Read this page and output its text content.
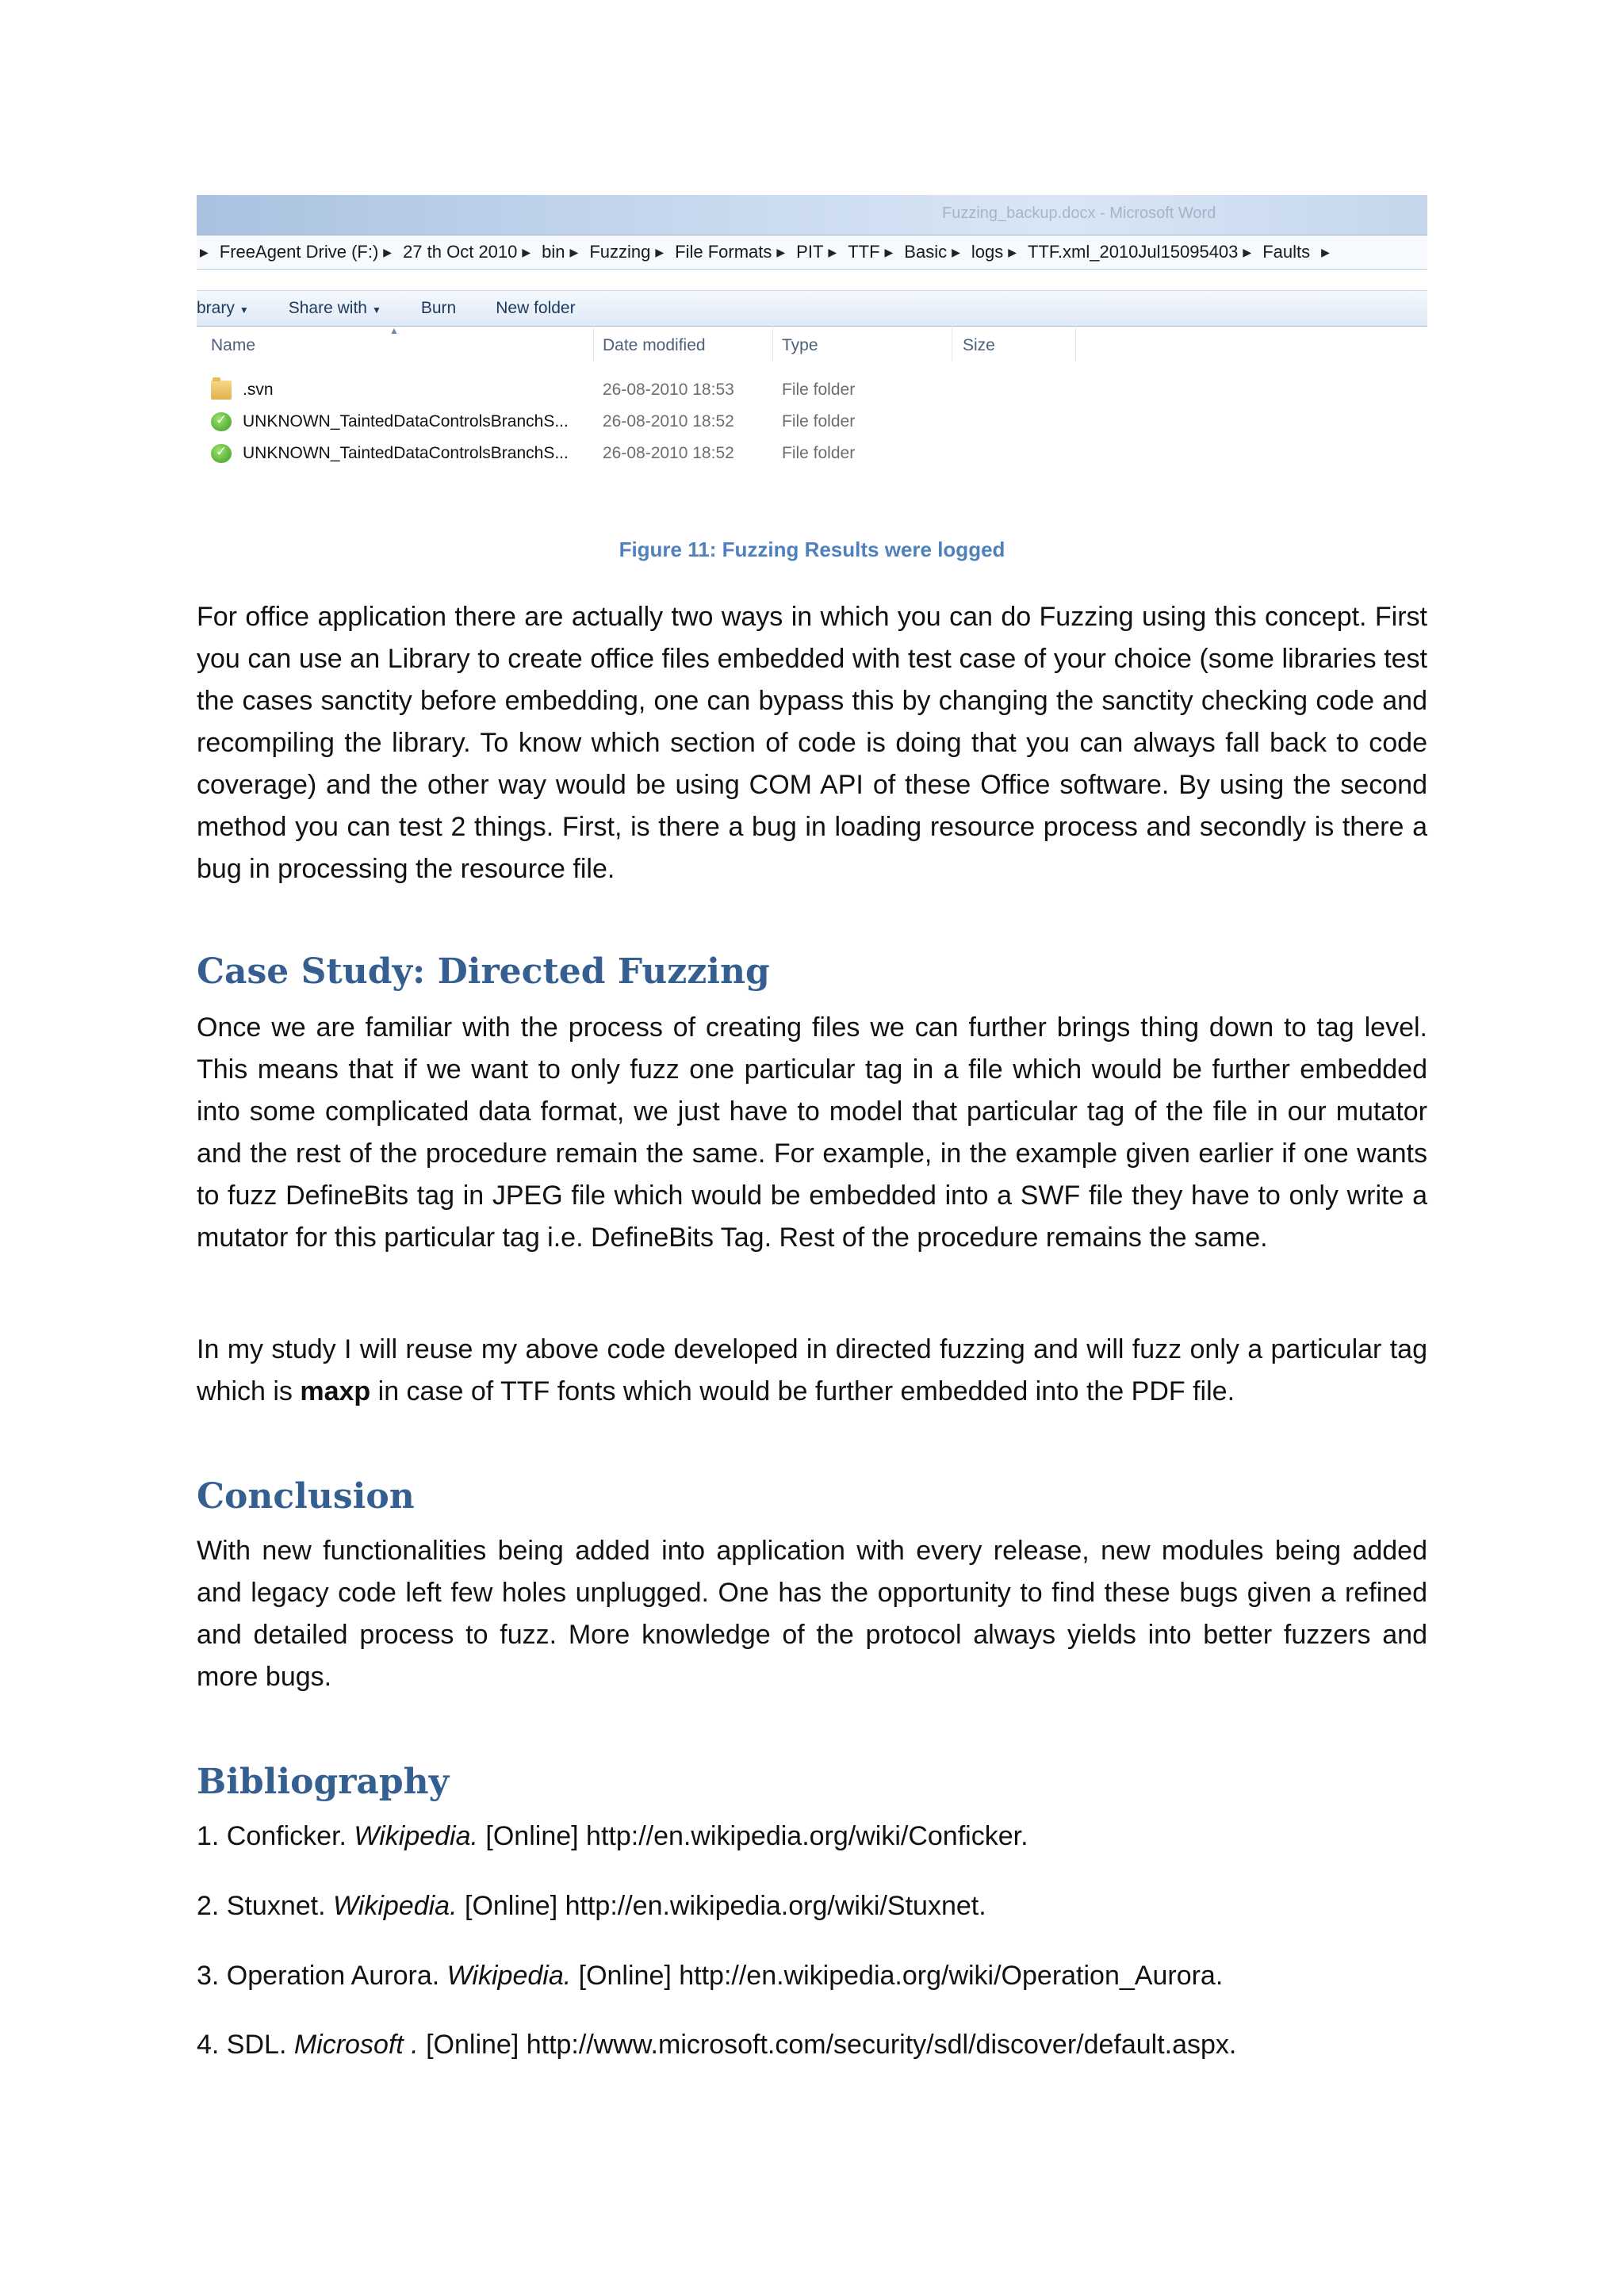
Fuzzing_backup.docx - Microsoft Word
▶ FreeAgent Drive (F:) ▶ 27 th Oct 2010 ▶ bin ▶ Fuzzing ▶ File Formats ▶ PIT ▶ TTF ▶ Basic ▶ logs ▶ TTF.xml_2010Jul15095403 ▶ Faults ▶
brary ▼ Share with ▼ Burn New folder
▲
Name	Date modified	Type	Size
.svn	26-08-2010 18:53	File folder
✓
UNKNOWN_TaintedDataControlsBranchS... 26-08-2010 18:52	File folder
✓
UNKNOWN_TaintedDataControlsBranchS... 26-08-2010 18:52	File folder
Figure 11: Fuzzing Results were logged

For office application there are actually two ways in which you can do Fuzzing using this concept. First you can use an Library to create office files embedded with test case of your choice (some libraries test the cases sanctity before embedding, one can bypass this by changing the sanctity checking code and recompiling the library. To know which section of code is doing that you can always fall back to code coverage) and the other way would be using COM API of these Office software. By using the second method you can test 2 things. First, is there a bug in loading resource process and secondly is there a bug in processing the resource file.

Case Study: Directed Fuzzing

Once we are familiar with the process of creating files we can further brings thing down to tag level. This means that if we want to only fuzz one particular tag in a file which would be further embedded into some complicated data format, we just have to model that particular tag of the file in our mutator and the rest of the procedure remain the same. For example, in the example given earlier if one wants to fuzz DefineBits tag in JPEG file which would be embedded into a SWF file they have to only write a mutator for this particular tag i.e. DefineBits Tag. Rest of the procedure remains the same.

In my study I will reuse my above code developed in directed fuzzing and will fuzz only a particular tag which is maxp in case of TTF fonts which would be further embedded into the PDF file.

Conclusion

With new functionalities being added into application with every release, new modules being added and legacy code left few holes unplugged. One has the opportunity to find these bugs given a refined and detailed process to fuzz. More knowledge of the protocol always yields into better fuzzers and more bugs.

Bibliography
1. Conficker. Wikipedia. [Online] http://en.wikipedia.org/wiki/Conficker.
2. Stuxnet. Wikipedia. [Online] http://en.wikipedia.org/wiki/Stuxnet.
3. Operation Aurora. Wikipedia. [Online] http://en.wikipedia.org/wiki/Operation_Aurora.
4. SDL. Microsoft . [Online] http://www.microsoft.com/security/sdl/discover/default.aspx.
